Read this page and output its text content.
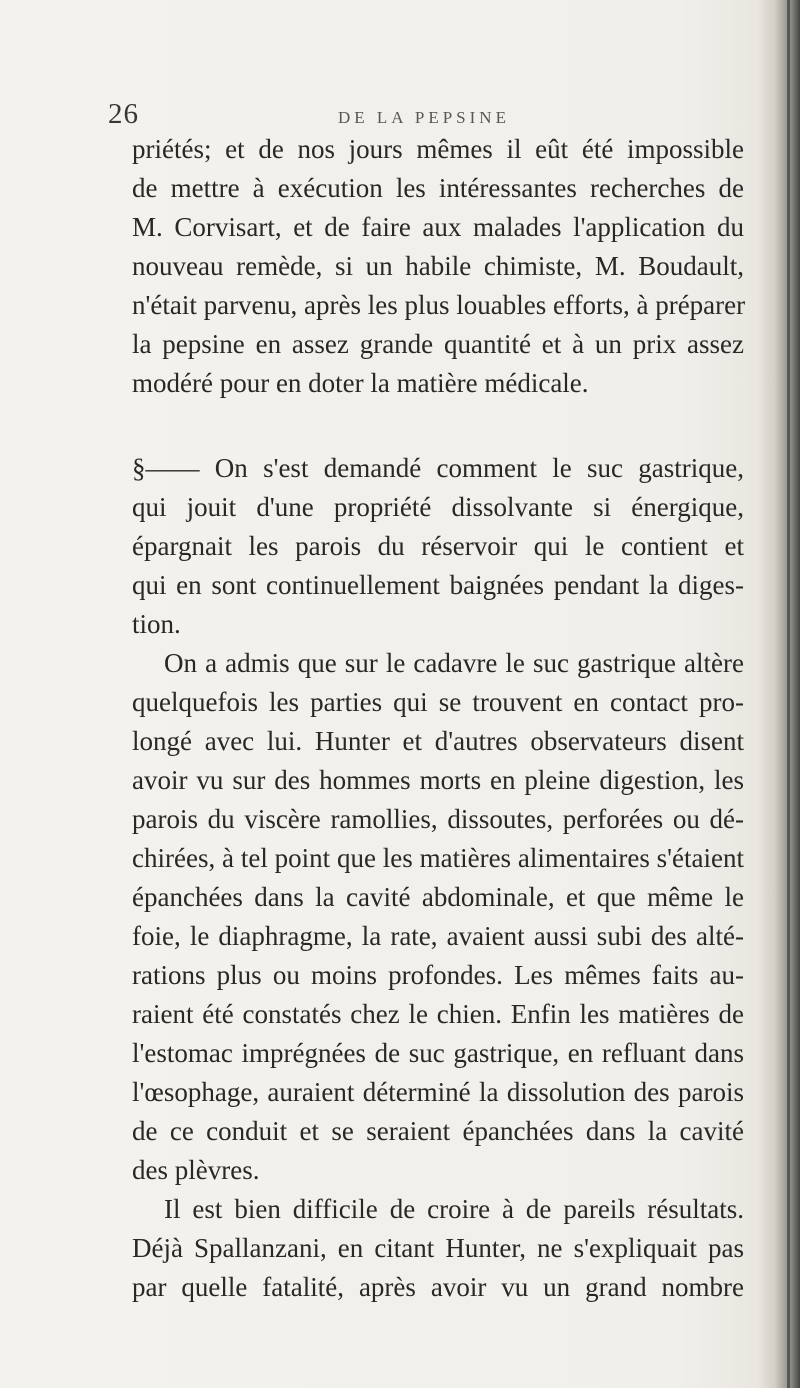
26	DE LA PEPSINE
priétés; et de nos jours mêmes il eût été impossible
de mettre à exécution les intéressantes recherches de
M. Corvisart, et de faire aux malades l'application du
nouveau remède, si un habile chimiste, M. Boudault,
n'était parvenu, après les plus louables efforts, à préparer
la pepsine en assez grande quantité et à un prix assez
modéré pour en doter la matière médicale.
§—— On s'est demandé comment le suc gastrique,
qui jouit d'une propriété dissolvante si énergique,
épargnait les parois du réservoir qui le contient et
qui en sont continuellement baignées pendant la diges-
tion.
On a admis que sur le cadavre le suc gastrique altère
quelquefois les parties qui se trouvent en contact pro-
longé avec lui. Hunter et d'autres observateurs disent
avoir vu sur des hommes morts en pleine digestion, les
parois du viscère ramollies, dissoutes, perforées ou dé-
chirées, à tel point que les matières alimentaires s'étaient
épanchées dans la cavité abdominale, et que même le
foie, le diaphragme, la rate, avaient aussi subi des alté-
rations plus ou moins profondes. Les mêmes faits au-
raient été constatés chez le chien. Enfin les matières de
l'estomac imprégnées de suc gastrique, en refluant dans
l'œsophage, auraient déterminé la dissolution des parois
de ce conduit et se seraient épanchées dans la cavité
des plèvres.
Il est bien difficile de croire à de pareils résultats.
Déjà Spallanzani, en citant Hunter, ne s'expliquait pas
par quelle fatalité, après avoir vu un grand nombre
